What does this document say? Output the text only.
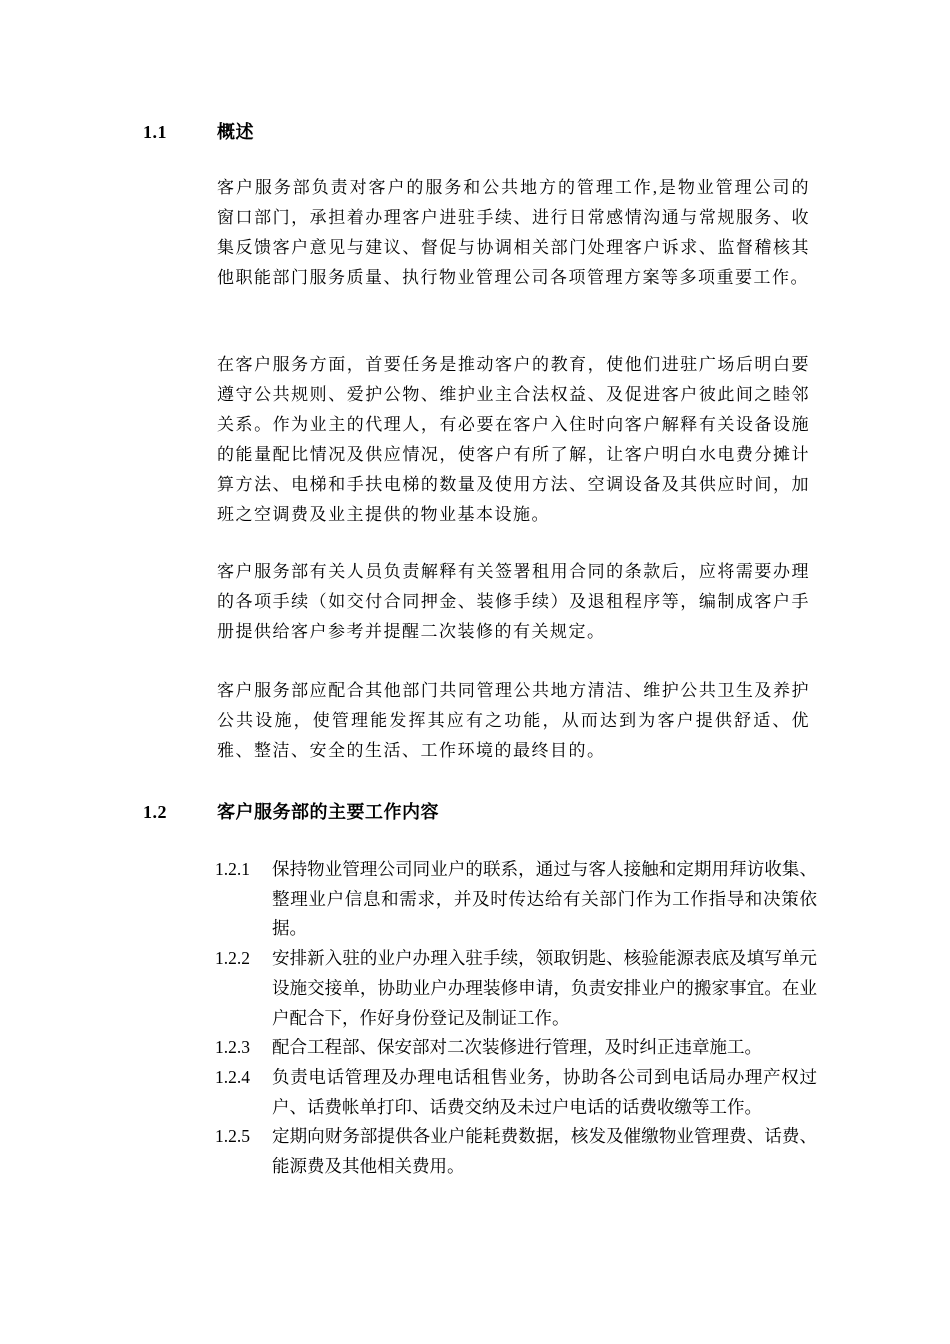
1.1	概述
客户服务部负责对客户的服务和公共地方的管理工作,是物业管理公司的窗口部门，承担着办理客户进驻手续、进行日常感情沟通与常规服务、收集反馈客户意见与建议、督促与协调相关部门处理客户诉求、监督稽核其他职能部门服务质量、执行物业管理公司各项管理方案等多项重要工作。
在客户服务方面，首要任务是推动客户的教育，使他们进驻广场后明白要遵守公共规则、爱护公物、维护业主合法权益、及促进客户彼此间之睦邻关系。作为业主的代理人，有必要在客户入住时向客户解释有关设备设施的能量配比情况及供应情况，使客户有所了解，让客户明白水电费分摊计算方法、电梯和手扶电梯的数量及使用方法、空调设备及其供应时间，加班之空调费及业主提供的物业基本设施。
客户服务部有关人员负责解释有关签署租用合同的条款后，应将需要办理的各项手续（如交付合同押金、装修手续）及退租程序等，编制成客户手册提供给客户参考并提醒二次装修的有关规定。
客户服务部应配合其他部门共同管理公共地方清洁、维护公共卫生及养护公共设施，使管理能发挥其应有之功能，从而达到为客户提供舒适、优雅、整洁、安全的生活、工作环境的最终目的。
1.2	客户服务部的主要工作内容
1.2.1	保持物业管理公司同业户的联系，通过与客人接触和定期用拜访收集、整理业户信息和需求，并及时传达给有关部门作为工作指导和决策依据。
1.2.2	安排新入驻的业户办理入驻手续，领取钥匙、核验能源表底及填写单元设施交接单，协助业户办理装修申请，负责安排业户的搬家事宜。在业户配合下，作好身份登记及制证工作。
1.2.3	配合工程部、保安部对二次装修进行管理，及时纠正违章施工。
1.2.4	负责电话管理及办理电话租售业务，协助各公司到电话局办理产权过户、话费帐单打印、话费交纳及未过户电话的话费收缴等工作。
1.2.5	定期向财务部提供各业户能耗费数据，核发及催缴物业管理费、话费、能源费及其他相关费用。
